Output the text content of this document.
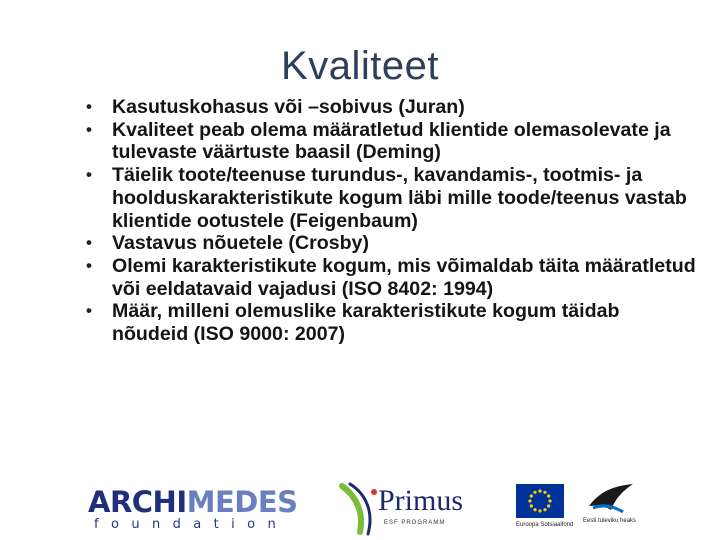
Kvaliteet
• Kasutuskohasus või –sobivus (Juran)
• Kvaliteet peab olema määratletud klientide olemasolevate ja tulevaste väärtuste baasil (Deming)
• Täielik toote/teenuse turundus-, kavandamis-, tootmis- ja hoolduskarakteristikute kogum läbi mille toode/teenus vastab klientide ootustele (Feigenbaum)
• Vastavus nõuetele (Crosby)
• Olemi karakteristikute kogum, mis võimaldab täita määratletud või eeldatavaid vajadusi (ISO 8402: 1994)
• Määr, milleni olemuslike karakteristikute kogum täidab nõudeid (ISO 9000: 2007)
ARCHIMEDES
foundation
Primus
ESF PROGRAMM	Euroopa Sotsiaalfond
Eesti tuleviku heaks
